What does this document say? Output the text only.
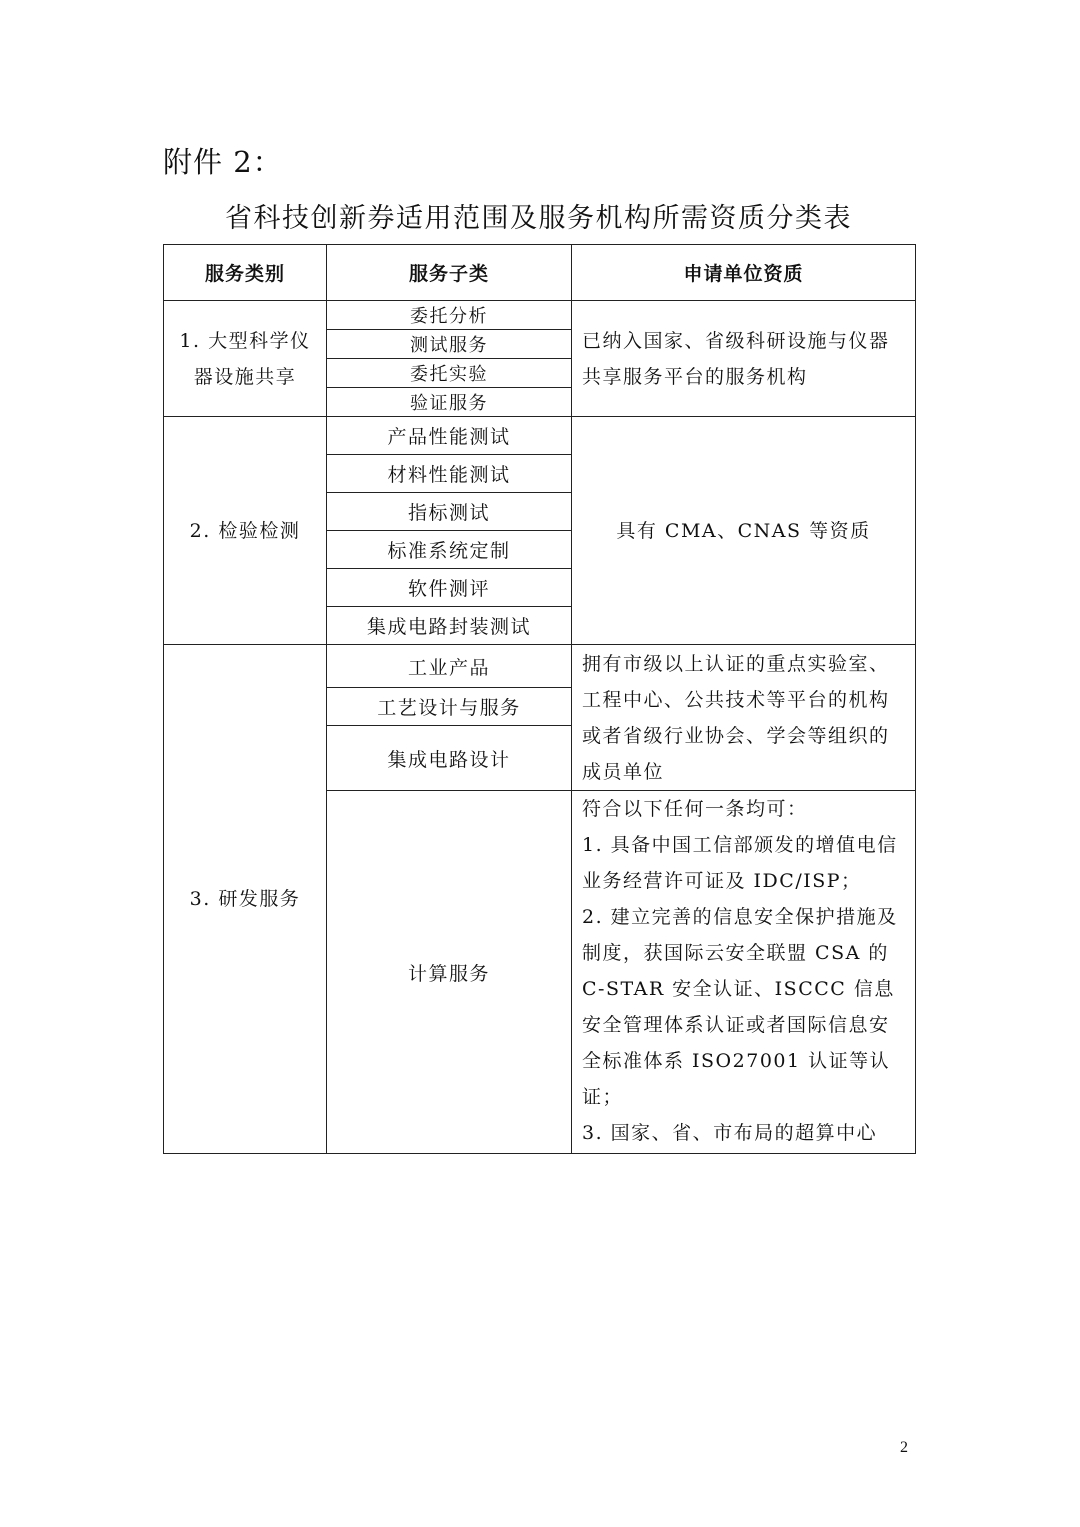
附件 2：
省科技创新券适用范围及服务机构所需资质分类表
服务类别	服务子类	申请单位资质
1. 大型科学仪器设施共享	委托分析	已纳入国家、省级科研设施与仪器共享服务平台的服务机构
	测试服务	
	委托实验	
	验证服务	
2. 检验检测	产品性能测试	具有 CMA、CNAS 等资质
	材料性能测试	
	指标测试	
	标准系统定制	
	软件测评	
	集成电路封装测试	
3. 研发服务	工业产品	拥有市级以上认证的重点实验室、工程中心、公共技术等平台的机构或者省级行业协会、学会等组织的成员单位
	工艺设计与服务	
	集成电路设计	
	计算服务	符合以下任何一条均可：
1. 具备中国工信部颁发的增值电信业务经营许可证及 IDC/ISP；
2. 建立完善的信息安全保护措施及制度，获国际云安全联盟 CSA 的 C-STAR 安全认证、ISCCC 信息安全管理体系认证或者国际信息安全标准体系 ISO27001 认证等认证；
3. 国家、省、市布局的超算中心
2
